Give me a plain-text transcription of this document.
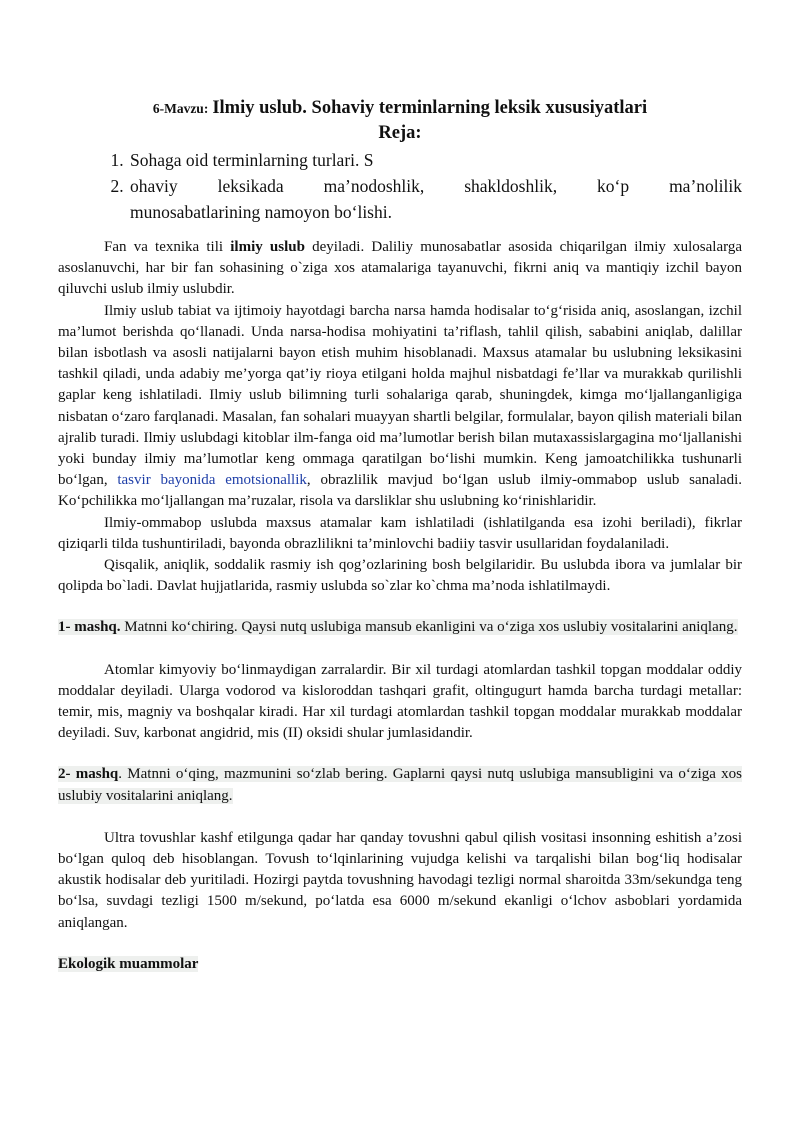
6-Mavzu: Ilmiy uslub. Sohaviy terminlarning leksik xususiyatlari
Reja:
1. Sohaga oid terminlarning turlari. S
2. ohaviy leksikada ma’nodoshlik, shakldoshlik, ko‘p ma’nolilik
munosabatlarining namoyon bo‘lishi.

Fan va texnika tili ilmiy uslub deyiladi. Daliliy munosabatlar asosida chiqarilgan ilmiy xulosalarga asoslanuvchi, har bir fan sohasining o`ziga xos atamalariga tayanuvchi, fikrni aniq va mantiqiy izchil bayon qiluvchi uslub ilmiy uslubdir.

Ilmiy uslub tabiat va ijtimoiy hayotdagi barcha narsa hamda hodisalar to‘g‘risida aniq, asoslangan, izchil ma’lumot berishda qo‘llanadi. Unda narsa-hodisa mohiyatini ta’riflash, tahlil qilish, sababini aniqlab, dalillar bilan isbotlash va asosli natijalarni bayon etish muhim hisoblanadi. Maxsus atamalar bu uslubning leksikasini tashkil qiladi, unda adabiy me’yorga qat’iy rioya etilgani holda majhul nisbatdagi fe’llar va murakkab qurilishli gaplar keng ishlatiladi. Ilmiy uslub bilimning turli sohalariga qarab, shuningdek, kimga mo‘ljallanganligiga nisbatan o‘zaro farqlanadi. Masalan, fan sohalari muayyan shartli belgilar, formulalar, bayon qilish materiali bilan ajralib turadi. Ilmiy uslubdagi kitoblar ilm-fanga oid ma’lumotlar berish bilan mutaxassislargagina mo‘ljallanishi yoki bunday ilmiy ma’lumotlar keng ommaga qaratilgan bo‘lishi mumkin. Keng jamoatchilikka tushunarli bo‘lgan, tasvir bayonida emotsionallik, obrazlilik mavjud bo‘lgan uslub ilmiy-ommabop uslub sanaladi. Ko‘pchilikka mo‘ljallangan ma’ruzalar, risola va darsliklar shu uslubning ko‘rinishlaridir.

Ilmiy-ommabop uslubda maxsus atamalar kam ishlatiladi (ishlatilganda esa izohi beriladi), fikrlar qiziqarli tilda tushuntiriladi, bayonda obrazlilikni ta’minlovchi badiiy tasvir usullaridan foydalaniladi.

Qisqalik, aniqlik, soddalik rasmiy ish qog’ozlarining bosh belgilaridir. Bu uslubda ibora va jumlalar bir qolipda bo`ladi. Davlat hujjatlarida, rasmiy uslubda so`zlar ko`chma ma’noda ishlatilmaydi.

1- mashq. Matnni ko‘chiring. Qaysi nutq uslubiga mansub ekanligini va o‘ziga xos uslubiy vositalarini aniqlang.

Atomlar kimyoviy bo‘linmaydigan zarralardir. Bir xil turdagi atomlardan tashkil topgan moddalar oddiy moddalar deyiladi. Ularga vodorod va kisloroddan tashqari grafit, oltingugurt hamda barcha turdagi metallar: temir, mis, magniy va boshqalar kiradi. Har xil turdagi atomlardan tashkil topgan moddalar murakkab moddalar deyiladi. Suv, karbonat angidrid, mis (II) oksidi shular jumlasidandir.

2- mashq. Matnni o‘qing, mazmunini so‘zlab bering. Gaplarni qaysi nutq uslubiga mansubligini va o‘ziga xos uslubiy vositalarini aniqlang.

Ultra tovushlar kashf etilgunga qadar har qanday tovushni qabul qilish vositasi insonning eshitish a’zosi bo‘lgan quloq deb hisoblangan. Tovush to‘lqinlarining vujudga kelishi va tarqalishi bilan bog‘liq hodisalar akustik hodisalar deb yuritiladi. Hozirgi paytda tovushning havodagi tezligi normal sharoitda 33m/sekundga teng bo‘lsa, suvdagi tezligi 1500 m/sekund, po‘latda esa 6000 m/sekund ekanligi o‘lchov asboblari yordamida aniqlangan.

Ekologik muammolar
